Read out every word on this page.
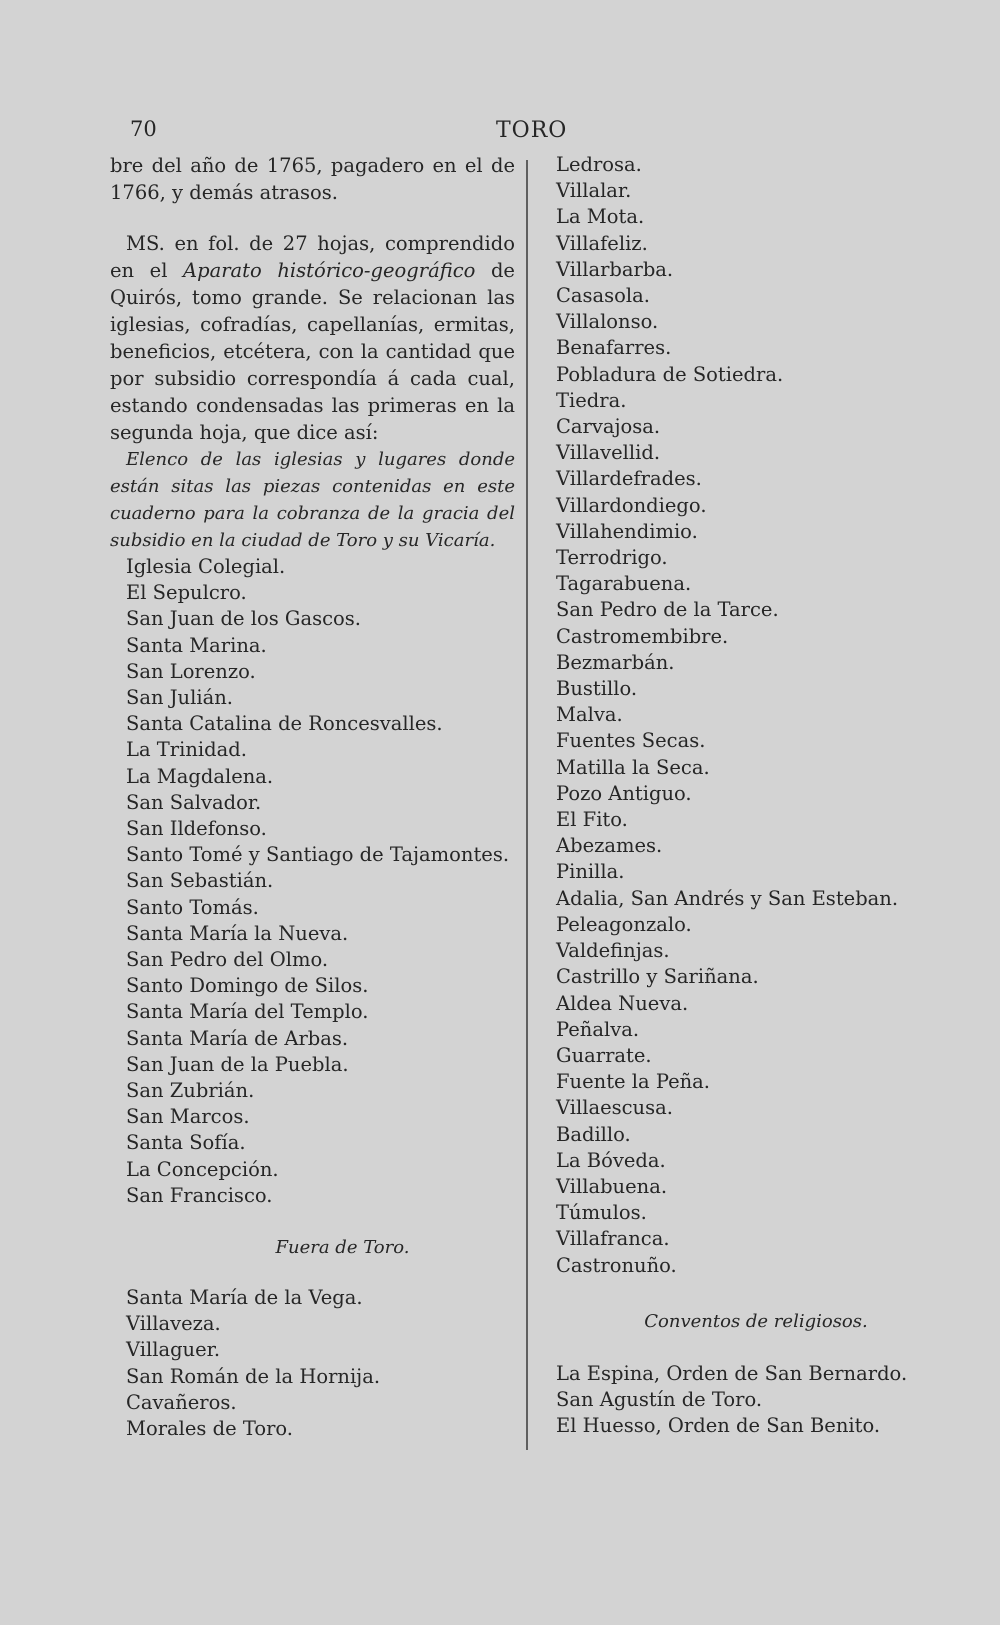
70	TORO

bre del año de 1765, pagadero en el de 1766, y demás atrasos.

MS. en fol. de 27 hojas, comprendido en el Aparato histórico-geográfico de Quirós, tomo grande. Se relacionan las iglesias, cofradías, capellanías, ermitas, beneficios, etcétera, con la cantidad que por subsidio correspondía á cada cual, estando condensadas las primeras en la segunda hoja, que dice así:

Elenco de las iglesias y lugares donde están sitas las piezas contenidas en este cuaderno para la cobranza de la gracia del subsidio en la ciudad de Toro y su Vicaría.

Iglesia Colegial.
El Sepulcro.
San Juan de los Gascos.
Santa Marina.
San Lorenzo.
San Julián.
Santa Catalina de Roncesvalles.
La Trinidad.
La Magdalena.
San Salvador.
San Ildefonso.
Santo Tomé y Santiago de Tajamontes.
San Sebastián.
Santo Tomás.
Santa María la Nueva.
San Pedro del Olmo.
Santo Domingo de Silos.
Santa María del Templo.
Santa María de Arbas.
San Juan de la Puebla.
San Zubrián.
San Marcos.
Santa Sofía.
La Concepción.
San Francisco.
Fuera de Toro.
Santa María de la Vega.
Villaveza.
Villaguer.
San Román de la Hornija.
Cavañeros.
Morales de Toro.
Ledrosa.
Villalar.
La Mota.
Villafeliz.
Villarbarba.
Casasola.
Villalonso.
Benafarres.
Pobladura de Sotiedra.
Tiedra.
Carvajosa.
Villavellid.
Villardefrades.
Villardondiego.
Villahendimio.
Terrodrigo.
Tagarabuena.
San Pedro de la Tarce.
Castromembibre.
Bezmarbán.
Bustillo.
Malva.
Fuentes Secas.
Matilla la Seca.
Pozo Antiguo.
El Fito.
Abezames.
Pinilla.
Adalia, San Andrés y San Esteban.
Peleagonzalo.
Valdefinjas.
Castrillo y Sariñana.
Aldea Nueva.
Peñalva.
Guarrate.
Fuente la Peña.
Villaescusa.
Badillo.
La Bóveda.
Villabuena.
Túmulos.
Villafranca.
Castronuño.
Conventos de religiosos.
La Espina, Orden de San Bernardo.
San Agustín de Toro.
El Huesso, Orden de San Benito.
